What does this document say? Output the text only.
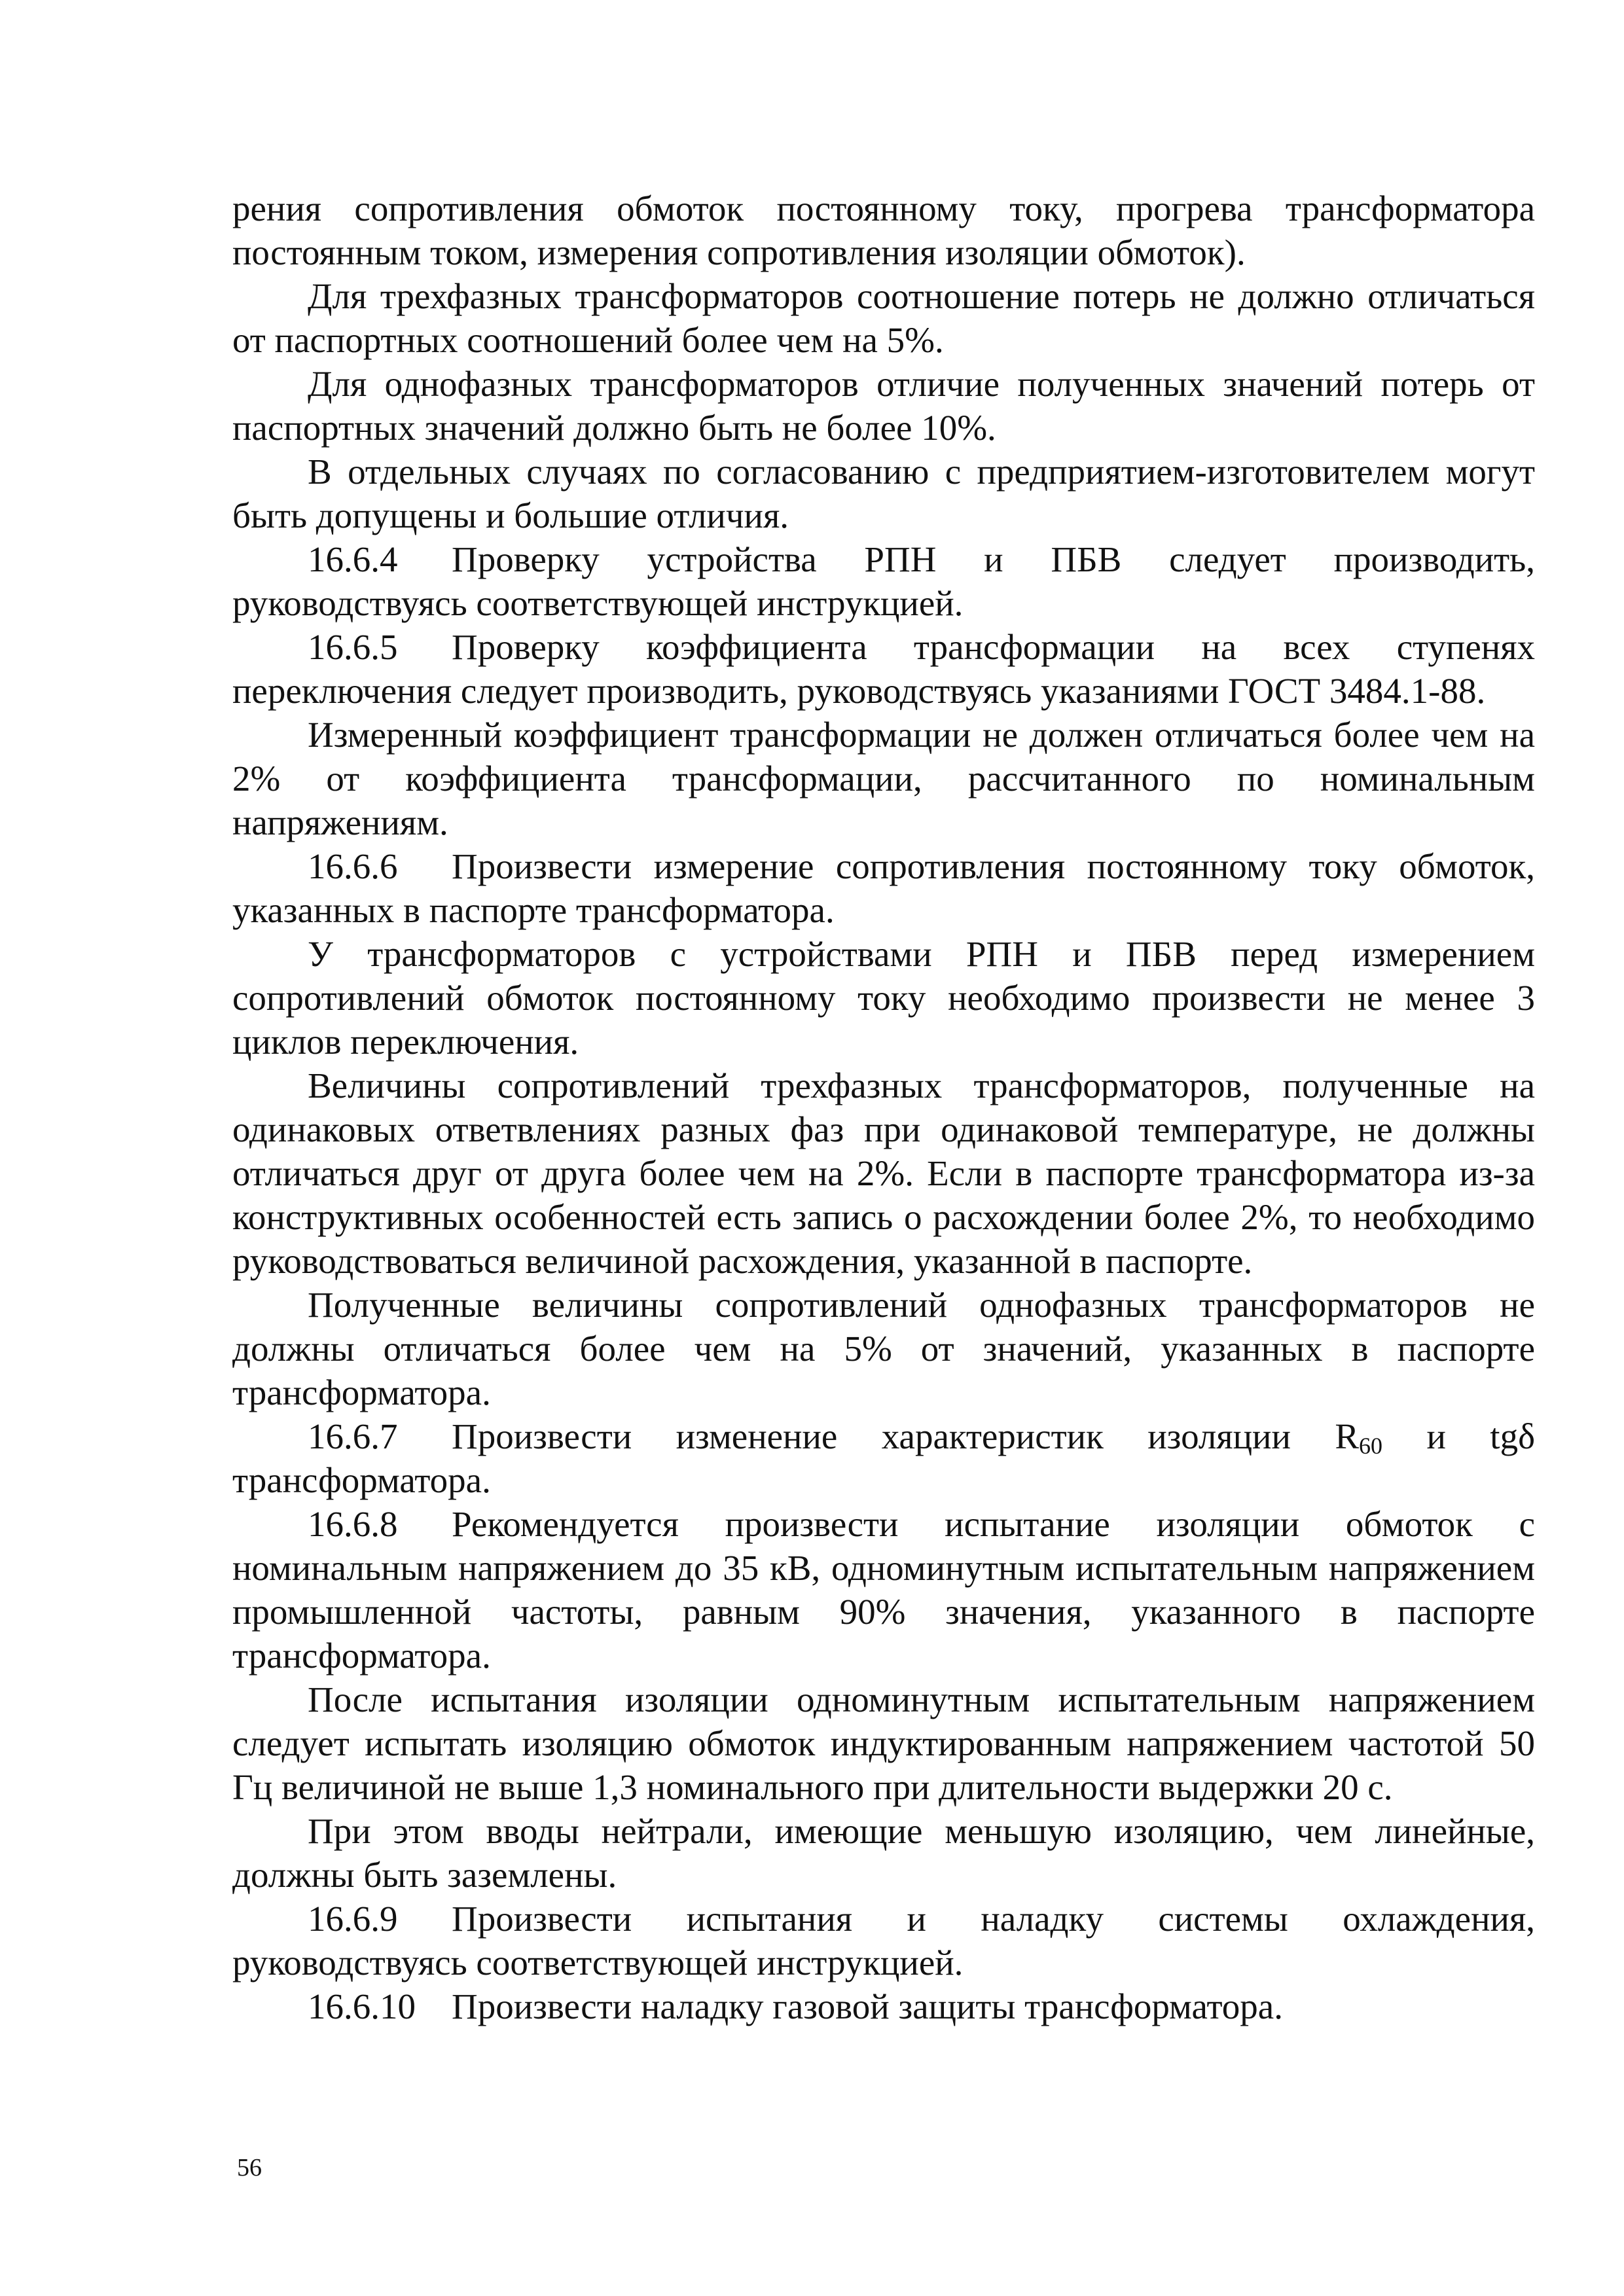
рения сопротивления обмоток постоянному току, прогрева трансформатора постоянным током, измерения сопротивления изоляции обмоток).

Для трехфазных трансформаторов соотношение потерь не должно отличаться от паспортных соотношений более чем на 5%.

Для однофазных трансформаторов отличие полученных значений потерь от паспортных значений должно быть не более 10%.

В отдельных случаях по согласованию с предприятием-изготовителем могут быть допущены и большие отличия.

16.6.4 Проверку устройства РПН и ПБВ следует производить, руководствуясь соответствующей инструкцией.

16.6.5 Проверку коэффициента трансформации на всех ступенях переключения следует производить, руководствуясь указаниями ГОСТ 3484.1-88.

Измеренный коэффициент трансформации не должен отличаться более чем на 2% от коэффициента трансформации, рассчитанного по номинальным напряжениям.

16.6.6 Произвести измерение сопротивления постоянному току обмоток, указанных в паспорте трансформатора.

У трансформаторов с устройствами РПН и ПБВ перед измерением сопротивлений обмоток постоянному току необходимо произвести не менее 3 циклов переключения.

Величины сопротивлений трехфазных трансформаторов, полученные на одинаковых ответвлениях разных фаз при одинаковой температуре, не должны отличаться друг от друга более чем на 2%. Если в паспорте трансформатора из-за конструктивных особенностей есть запись о расхождении более 2%, то необходимо руководствоваться величиной расхождения, указанной в паспорте.

Полученные величины сопротивлений однофазных трансформаторов не должны отличаться более чем на 5% от значений, указанных в паспорте трансформатора.

16.6.7 Произвести изменение характеристик изоляции $R_{60}$ и tgδ трансформатора.

16.6.8 Рекомендуется произвести испытание изоляции обмоток с номинальным напряжением до 35 кВ, одноминутным испытательным напряжением промышленной частоты, равным 90% значения, указанного в паспорте трансформатора.

После испытания изоляции одноминутным испытательным напряжением следует испытать изоляцию обмоток индуктированным напряжением частотой 50 Гц величиной не выше 1,3 номинального при длительности выдержки 20 с.

При этом вводы нейтрали, имеющие меньшую изоляцию, чем линейные, должны быть заземлены.

16.6.9 Произвести испытания и наладку системы охлаждения, руководствуясь соответствующей инструкцией.

16.6.10 Произвести наладку газовой защиты трансформатора.

56
